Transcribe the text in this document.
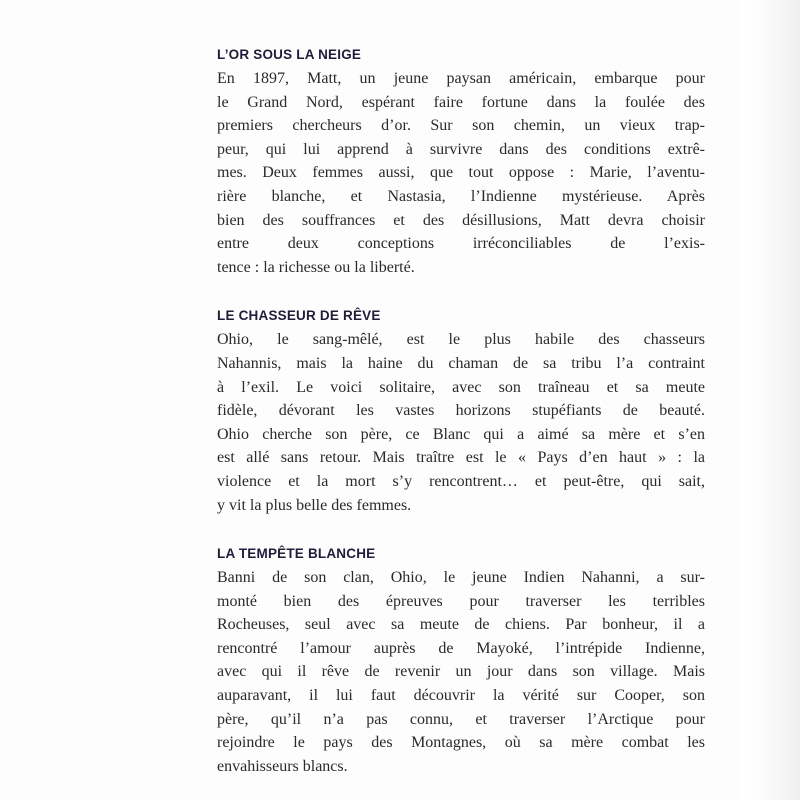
L’OR SOUS LA NEIGE
En 1897, Matt, un jeune paysan américain, embarque pour
le Grand Nord, espérant faire fortune dans la foulée des
premiers chercheurs d’or. Sur son chemin, un vieux trap-
peur, qui lui apprend à survivre dans des conditions extrê-
mes. Deux femmes aussi, que tout oppose : Marie, l’aventu-
rière blanche, et Nastasia, l’Indienne mystérieuse. Après
bien des souffrances et des désillusions, Matt devra choisir
entre deux conceptions irréconciliables de l’exis-
tence : la richesse ou la liberté.
LE CHASSEUR DE RÊVE
Ohio, le sang-mêlé, est le plus habile des chasseurs
Nahannis, mais la haine du chaman de sa tribu l’a contraint
à l’exil. Le voici solitaire, avec son traîneau et sa meute
fidèle, dévorant les vastes horizons stupéfiants de beauté.
Ohio cherche son père, ce Blanc qui a aimé sa mère et s’en
est allé sans retour. Mais traître est le « Pays d’en haut » : la
violence et la mort s’y rencontrent… et peut-être, qui sait,
y vit la plus belle des femmes.
LA TEMPÊTE BLANCHE
Banni de son clan, Ohio, le jeune Indien Nahanni, a sur-
monté bien des épreuves pour traverser les terribles
Rocheuses, seul avec sa meute de chiens. Par bonheur, il a
rencontré l’amour auprès de Mayoké, l’intrépide Indienne,
avec qui il rêve de revenir un jour dans son village. Mais
auparavant, il lui faut découvrir la vérité sur Cooper, son
père, qu’il n’a pas connu, et traverser l’Arctique pour
rejoindre le pays des Montagnes, où sa mère combat les
envahisseurs blancs.
